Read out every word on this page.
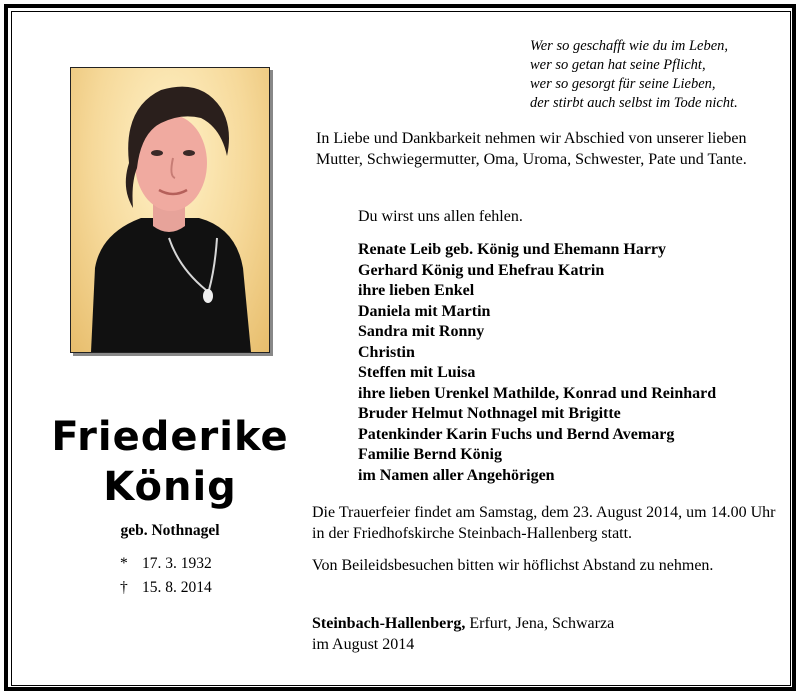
Wer so geschafft wie du im Leben,
wer so getan hat seine Pflicht,
wer so gesorgt für seine Lieben,
der stirbt auch selbst im Tode nicht.
Friederike
König
geb. Nothnagel
* 17. 3. 1932
† 15. 8. 2014
In Liebe und Dankbarkeit nehmen wir Abschied von unserer lieben Mutter, Schwiegermutter, Oma, Uroma, Schwester, Pate und Tante.
Du wirst uns allen fehlen.
Renate Leib geb. König und Ehemann Harry
Gerhard König und Ehefrau Katrin
ihre lieben Enkel
Daniela mit Martin
Sandra mit Ronny
Christin
Steffen mit Luisa
ihre lieben Urenkel Mathilde, Konrad und Reinhard
Bruder Helmut Nothnagel mit Brigitte
Patenkinder Karin Fuchs und Bernd Avemarg
Familie Bernd König
im Namen aller Angehörigen
Die Trauerfeier findet am Samstag, dem 23. August 2014, um 14.00 Uhr in der Friedhofskirche Steinbach-Hallenberg statt.
Von Beileidsbesuchen bitten wir höflichst Abstand zu nehmen.
Steinbach-Hallenberg, Erfurt, Jena, Schwarza
im August 2014
